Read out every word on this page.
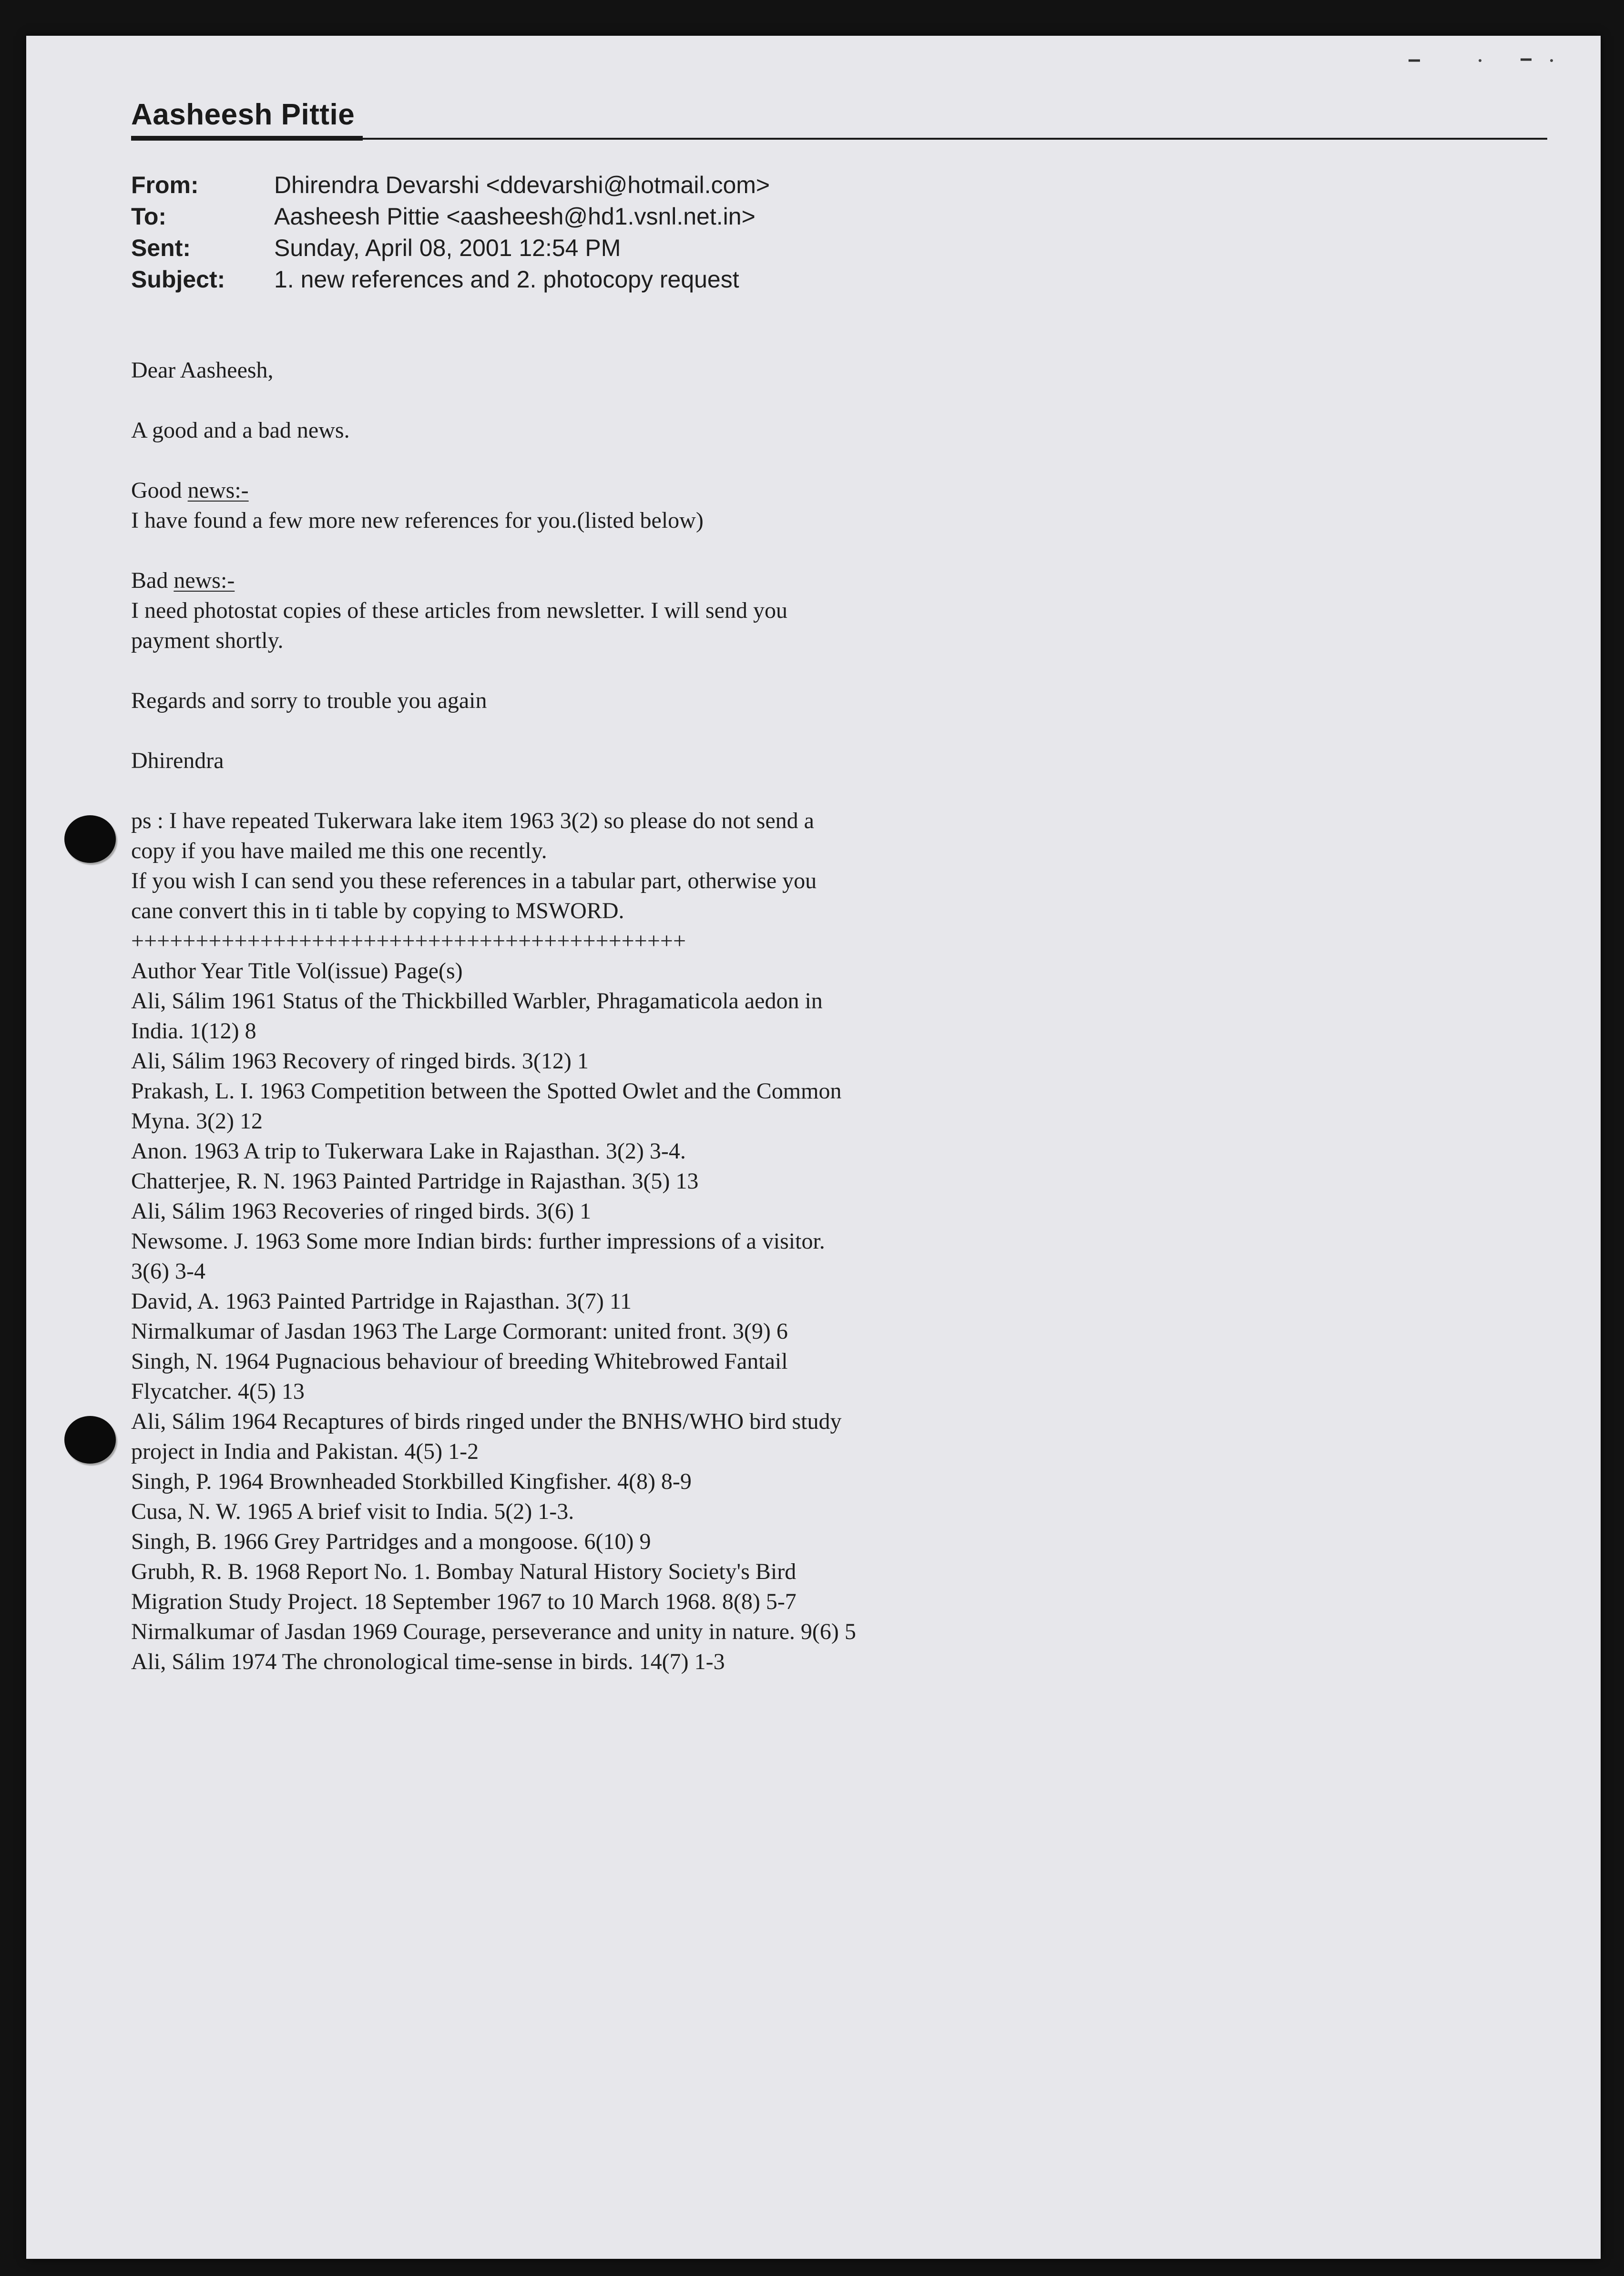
Aasheesh Pittie
From:	Dhirendra Devarshi <ddevarshi@hotmail.com>
To:	Aasheesh Pittie <aasheesh@hd1.vsnl.net.in>
Sent:	Sunday, April 08, 2001 12:54 PM
Subject: 1. new references and 2. photocopy request
Dear Aasheesh,
A good and a bad news.
Good news:-
I have found a few more new references for you.(listed below)
Bad news:-
I need photostat copies of these articles from newsletter. I will send you
payment shortly.
Regards and sorry to trouble you again
Dhirendra
ps : I have repeated Tukerwara lake item 1963 3(2) so please do not send a
copy if you have mailed me this one recently.
If you wish I can send you these references in a tabular part, otherwise you
cane convert this in ti table by copying to MSWORD.
+++++++++++++++++++++++++++++++++++++++++++
Author Year Title Vol(issue) Page(s)
Ali, Sálim 1961 Status of the Thickbilled Warbler, Phragamaticola aedon in
India. 1(12) 8
Ali, Sálim 1963 Recovery of ringed birds. 3(12) 1
Prakash, L. I. 1963 Competition between the Spotted Owlet and the Common
Myna. 3(2) 12
Anon. 1963 A trip to Tukerwara Lake in Rajasthan. 3(2) 3-4.
Chatterjee, R. N. 1963 Painted Partridge in Rajasthan. 3(5) 13
Ali, Sálim 1963 Recoveries of ringed birds. 3(6) 1
Newsome. J. 1963 Some more Indian birds: further impressions of a visitor.
3(6) 3-4
David, A. 1963 Painted Partridge in Rajasthan. 3(7) 11
Nirmalkumar of Jasdan 1963 The Large Cormorant: united front. 3(9) 6
Singh, N. 1964 Pugnacious behaviour of breeding Whitebrowed Fantail
Flycatcher. 4(5) 13
Ali, Sálim 1964 Recaptures of birds ringed under the BNHS/WHO bird study
project in India and Pakistan. 4(5) 1-2
Singh, P. 1964 Brownheaded Storkbilled Kingfisher. 4(8) 8-9
Cusa, N. W. 1965 A brief visit to India. 5(2) 1-3.
Singh, B. 1966 Grey Partridges and a mongoose. 6(10) 9
Grubh, R. B. 1968 Report No. 1. Bombay Natural History Society's Bird
Migration Study Project. 18 September 1967 to 10 March 1968. 8(8) 5-7
Nirmalkumar of Jasdan 1969 Courage, perseverance and unity in nature. 9(6) 5
Ali, Sálim 1974 The chronological time-sense in birds. 14(7) 1-3
